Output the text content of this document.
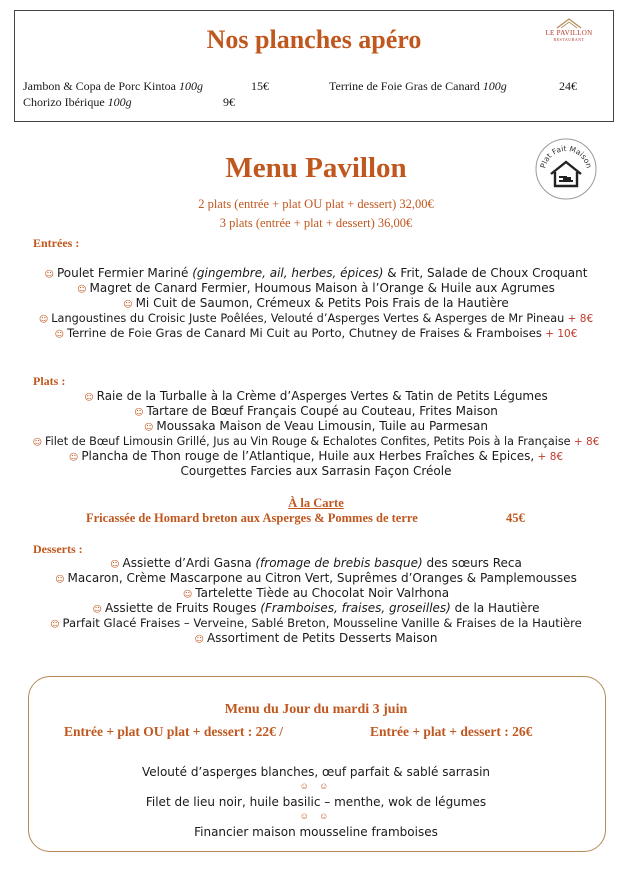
Nos planches apéro	LE PAVILLON
RESTAURANT
Jambon & Copa de Porc Kintoa 100g	15€	Terrine de Foie Gras de Canard 100g	24€
Chorizo Ibérique 100g	9€
Menu Pavillon	Plat Fait Maison
2 plats (entrée + plat OU plat + dessert) 32,00€
3 plats (entrée + plat + dessert) 36,00€
Entrées :
☺ Poulet Fermier Mariné (gingembre, ail, herbes, épices) & Frit, Salade de Choux Croquant
☺ Magret de Canard Fermier, Houmous Maison à l’Orange & Huile aux Agrumes
☺ Mi Cuit de Saumon, Crémeux & Petits Pois Frais de la Hautière
☺ Langoustines du Croisic Juste Poêlées, Velouté d’Asperges Vertes & Asperges de Mr Pineau + 8€
☺ Terrine de Foie Gras de Canard Mi Cuit au Porto, Chutney de Fraises & Framboises + 10€
Plats :
☺ Raie de la Turballe à la Crème d’Asperges Vertes & Tatin de Petits Légumes
☺ Tartare de Bœuf Français Coupé au Couteau, Frites Maison
☺ Moussaka Maison de Veau Limousin, Tuile au Parmesan
☺ Filet de Bœuf Limousin Grillé, Jus au Vin Rouge & Echalotes Confites, Petits Pois à la Française + 8€
☺ Plancha de Thon rouge de l’Atlantique, Huile aux Herbes Fraîches & Epices, + 8€
Courgettes Farcies aux Sarrasin Façon Créole
À la Carte
Fricassée de Homard breton aux Asperges & Pommes de terre	45€
Desserts :
☺ Assiette d’Ardi Gasna (fromage de brebis basque) des sœurs Reca
☺ Macaron, Crème Mascarpone au Citron Vert, Suprêmes d’Oranges & Pamplemousses
☺ Tartelette Tiède au Chocolat Noir Valrhona
☺ Assiette de Fruits Rouges (Framboises, fraises, groseilles) de la Hautière
☺ Parfait Glacé Fraises – Verveine, Sablé Breton, Mousseline Vanille & Fraises de la Hautière
☺ Assortiment de Petits Desserts Maison
Menu du Jour du mardi 3 juin
Entrée + plat OU plat + dessert : 22€ /	Entrée + plat + dessert : 26€
Velouté d’asperges blanches, œuf parfait & sablé sarrasin
☺ ☺
Filet de lieu noir, huile basilic – menthe, wok de légumes
☺ ☺
Financier maison mousseline framboises
